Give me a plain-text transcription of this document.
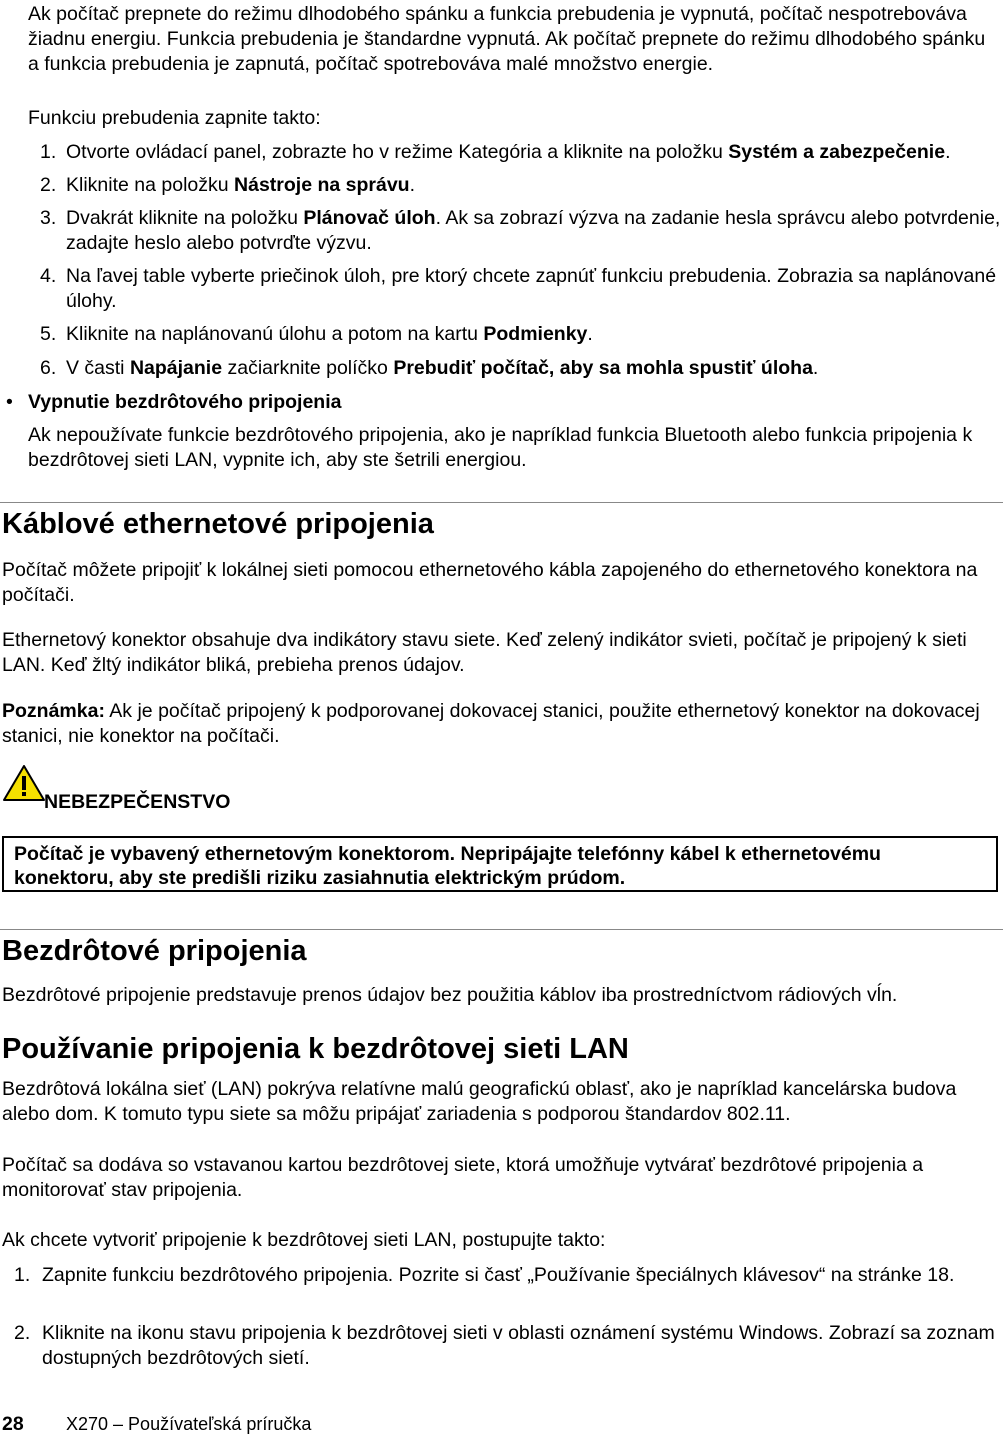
Ak počítač prepnete do režimu dlhodobého spánku a funkcia prebudenia je vypnutá, počítač nespotrebováva žiadnu energiu. Funkcia prebudenia je štandardne vypnutá. Ak počítač prepnete do režimu dlhodobého spánku a funkcia prebudenia je zapnutá, počítač spotrebováva malé množstvo energie.

Funkciu prebudenia zapnite takto:

1. Otvorte ovládací panel, zobrazte ho v režime Kategória a kliknite na položku Systém a zabezpečenie.

2. Kliknite na položku Nástroje na správu.

3. Dvakrát kliknite na položku Plánovač úloh. Ak sa zobrazí výzva na zadanie hesla správcu alebo potvrdenie, zadajte heslo alebo potvrďte výzvu.

4. Na ľavej table vyberte priečinok úloh, pre ktorý chcete zapnúť funkciu prebudenia. Zobrazia sa naplánované úlohy.

5. Kliknite na naplánovanú úlohu a potom na kartu Podmienky.

6. V časti Napájanie začiarknite políčko Prebudiť počítač, aby sa mohla spustiť úloha.

• Vypnutie bezdrôtového pripojenia

Ak nepoužívate funkcie bezdrôtového pripojenia, ako je napríklad funkcia Bluetooth alebo funkcia pripojenia k bezdrôtovej sieti LAN, vypnite ich, aby ste šetrili energiou.

Káblové ethernetové pripojenia

Počítač môžete pripojiť k lokálnej sieti pomocou ethernetového kábla zapojeného do ethernetového konektora na počítači.

Ethernetový konektor obsahuje dva indikátory stavu siete. Keď zelený indikátor svieti, počítač je pripojený k sieti LAN. Keď žltý indikátor bliká, prebieha prenos údajov.

Poznámka: Ak je počítač pripojený k podporovanej dokovacej stanici, použite ethernetový konektor na dokovacej stanici, nie konektor na počítači.

NEBEZPEČENSTVO

Počítač je vybavený ethernetovým konektorom. Nepripájajte telefónny kábel k ethernetovému konektoru, aby ste predišli riziku zasiahnutia elektrickým prúdom.
Bezdrôtové pripojenia

Bezdrôtové pripojenie predstavuje prenos údajov bez použitia káblov iba prostredníctvom rádiových vĺn.

Používanie pripojenia k bezdrôtovej sieti LAN

Bezdrôtová lokálna sieť (LAN) pokrýva relatívne malú geografickú oblasť, ako je napríklad kancelárska budova alebo dom. K tomuto typu siete sa môžu pripájať zariadenia s podporou štandardov 802.11.

Počítač sa dodáva so vstavanou kartou bezdrôtovej siete, ktorá umožňuje vytvárať bezdrôtové pripojenia a monitorovať stav pripojenia.

Ak chcete vytvoriť pripojenie k bezdrôtovej sieti LAN, postupujte takto:

1. Zapnite funkciu bezdrôtového pripojenia. Pozrite si časť „Používanie špeciálnych klávesov“ na stránke 18.

2. Kliknite na ikonu stavu pripojenia k bezdrôtovej sieti v oblasti oznámení systému Windows. Zobrazí sa zoznam dostupných bezdrôtových sietí.

28 X270 – Používateľská príručka
